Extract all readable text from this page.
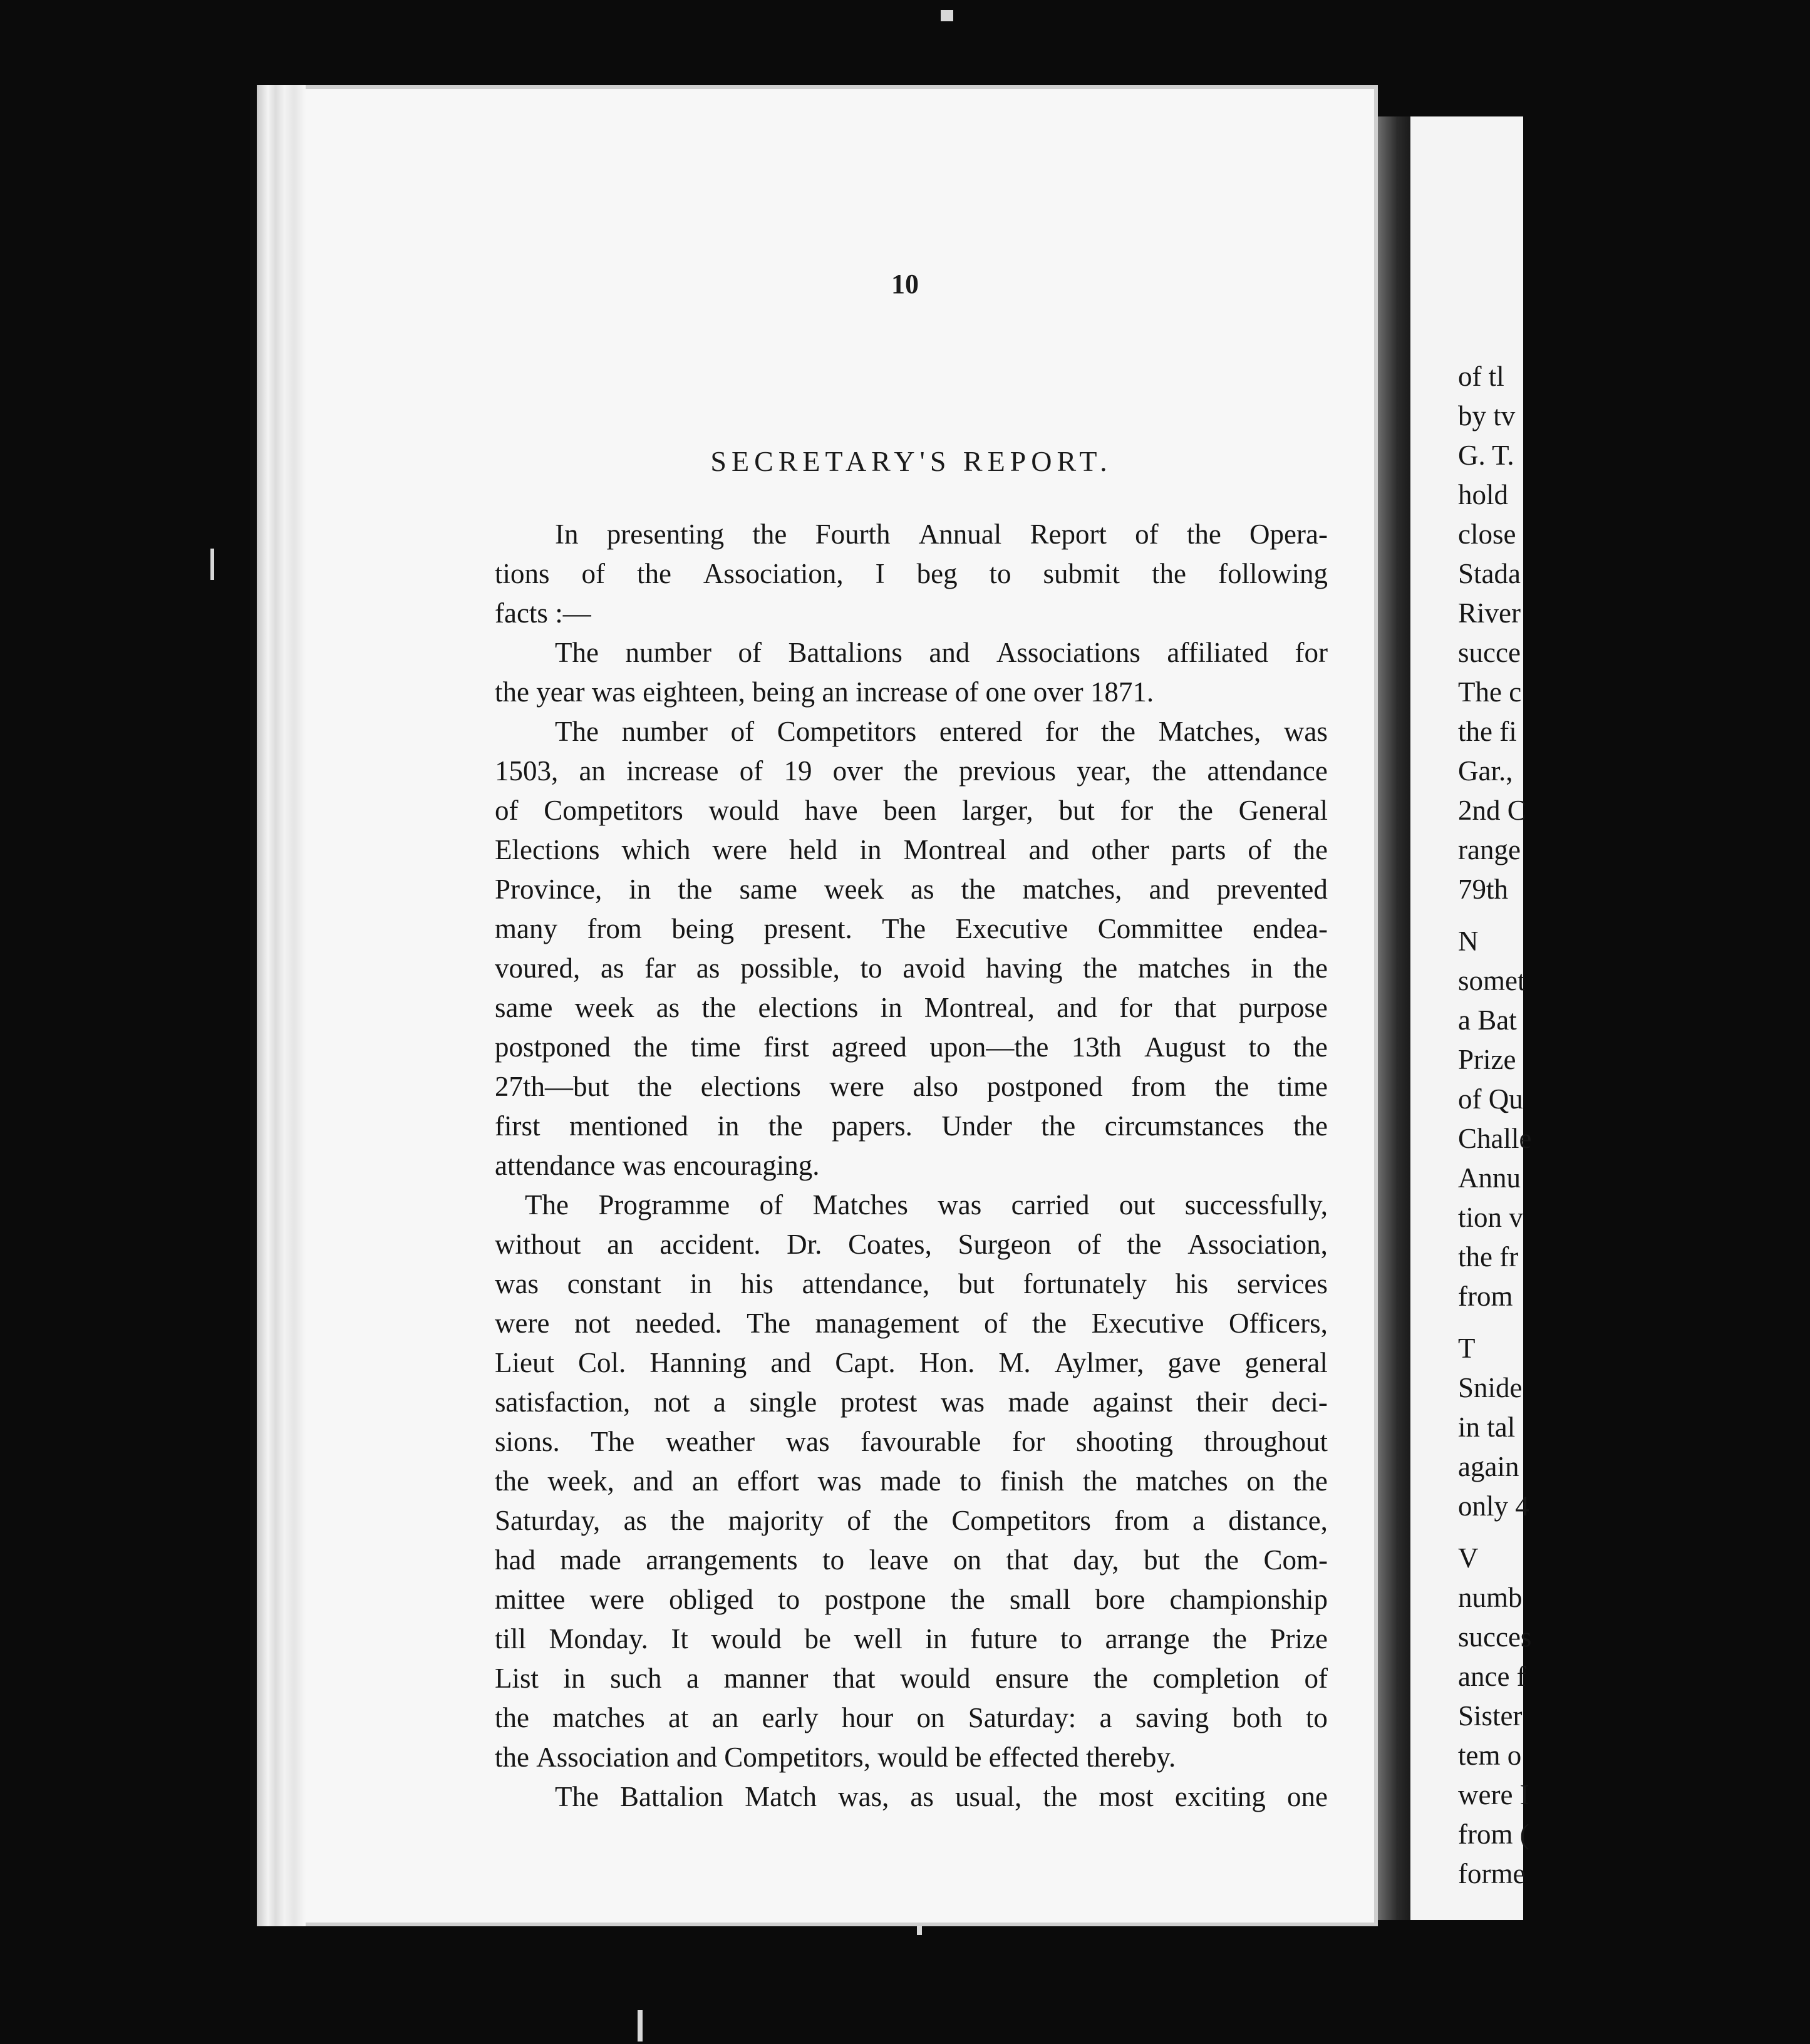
10
SECRETARY'S REPORT.
In presenting the Fourth Annual Report of the Opera-
tions of the Association, I beg to submit the following
facts :—
The number of Battalions and Associations affiliated for
the year was eighteen, being an increase of one over 1871.
The number of Competitors entered for the Matches, was
1503, an increase of 19 over the previous year, the attendance
of Competitors would have been larger, but for the General
Elections which were held in Montreal and other parts of the
Province, in the same week as the matches, and prevented
many from being present. The Executive Committee endea-
voured, as far as possible, to avoid having the matches in the
same week as the elections in Montreal, and for that purpose
postponed the time first agreed upon—the 13th August to the
27th—but the elections were also postponed from the time
first mentioned in the papers. Under the circumstances the
attendance was encouraging.
The Programme of Matches was carried out successfully,
without an accident. Dr. Coates, Surgeon of the Association,
was constant in his attendance, but fortunately his services
were not needed. The management of the Executive Officers,
Lieut Col. Hanning and Capt. Hon. M. Aylmer, gave general
satisfaction, not a single protest was made against their deci-
sions. The weather was favourable for shooting throughout
the week, and an effort was made to finish the matches on the
Saturday, as the majority of the Competitors from a distance,
had made arrangements to leave on that day, but the Com-
mittee were obliged to postpone the small bore championship
till Monday. It would be well in future to arrange the Prize
List in such a manner that would ensure the completion of
the matches at an early hour on Saturday: a saving both to
the Association and Competitors, would be effected thereby.
The Battalion Match was, as usual, the most exciting one
of tl
by tv
G. T.
hold
close
Stada
River
succe
The c
the fi
Gar.,
2nd C
range
79th
N
somet
a Bat
Prize
of Qu
Challe
Annu
tion v
the fr
from
T
Snide
in tal
again
only 4
V
numb
succes
ance f
Sister
tem o
were I
from (
forme
